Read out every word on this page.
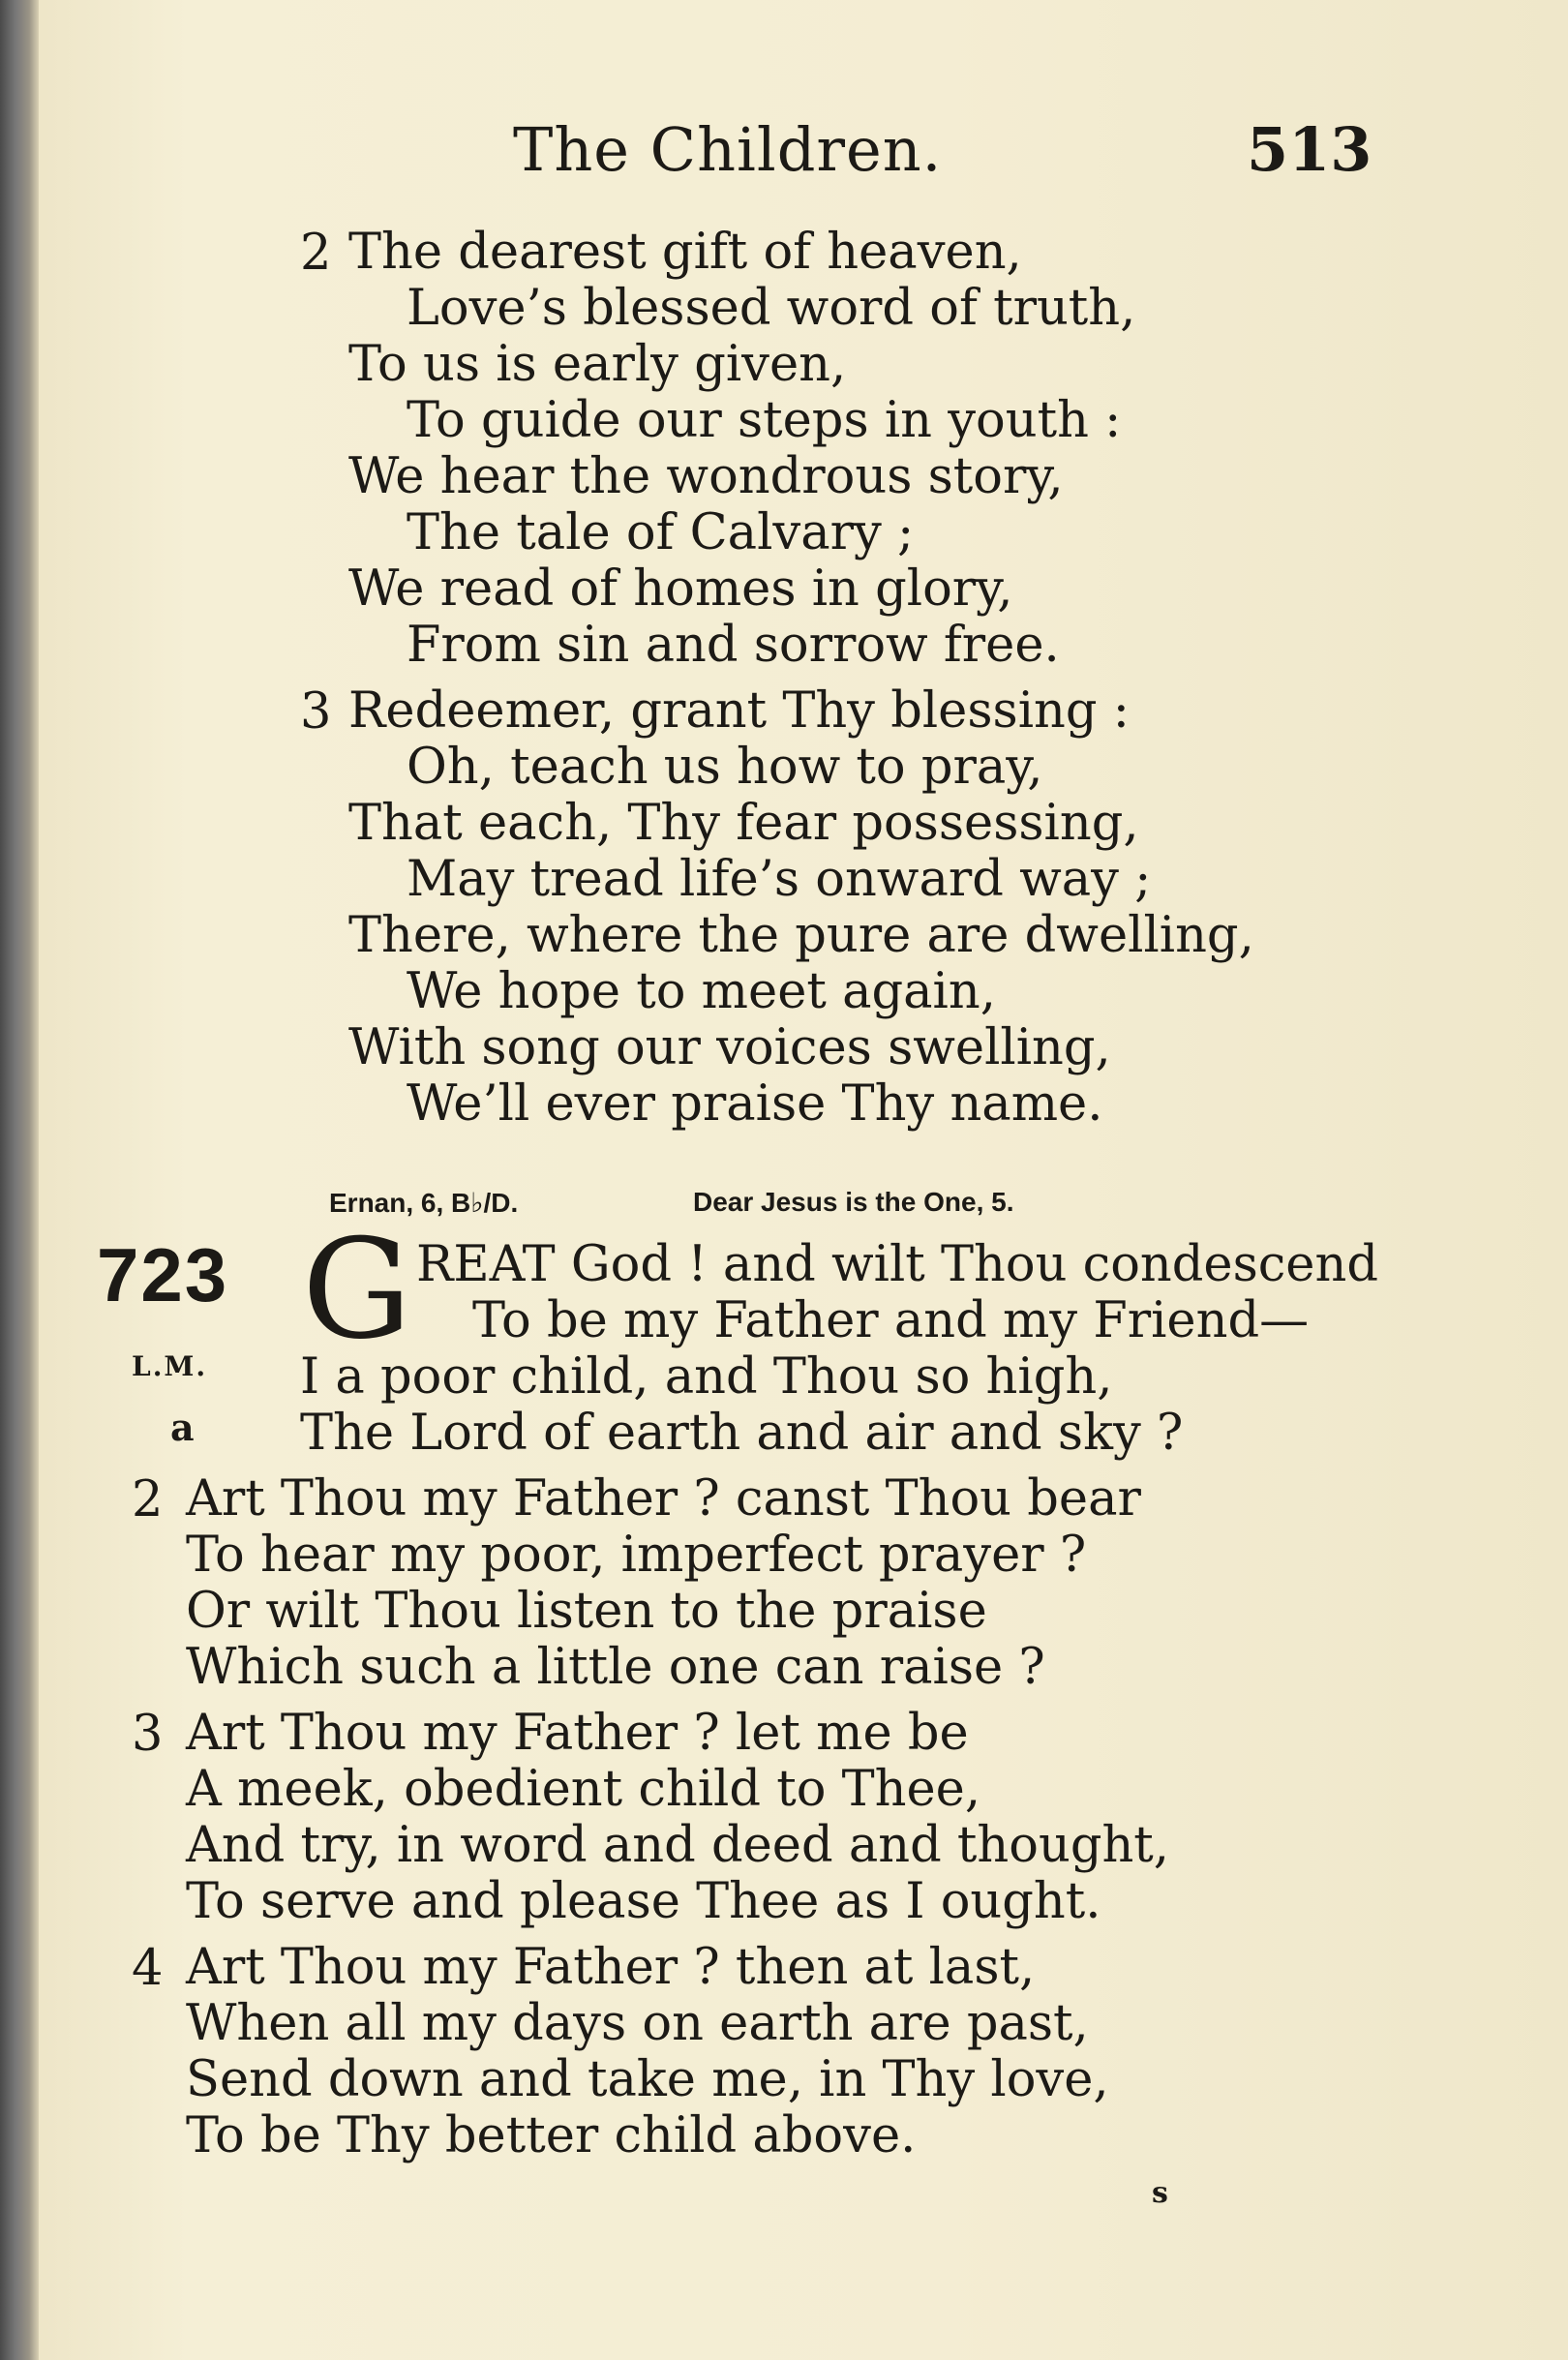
The Children.	513
2 The dearest gift of heaven,
Love’s blessed word of truth,
To us is early given,
To guide our steps in youth :
We hear the wondrous story,
The tale of Calvary ;
We read of homes in glory,
From sin and sorrow free.
3 Redeemer, grant Thy blessing :
Oh, teach us how to pray,
That each, Thy fear possessing,
May tread life’s onward way ;
There, where the pure are dwelling,
We hope to meet again,
With song our voices swelling,
We’ll ever praise Thy name.
Ernan, 6, B♭/D.	Dear Jesus is the One, 5.
723
L.M.
a
G REAT God ! and wilt Thou condescend
To be my Father and my Friend—
I a poor child, and Thou so high,
The Lord of earth and air and sky ?
2 Art Thou my Father ? canst Thou bear
To hear my poor, imperfect prayer ?
Or wilt Thou listen to the praise
Which such a little one can raise ?
3 Art Thou my Father ? let me be
A meek, obedient child to Thee,
And try, in word and deed and thought,
To serve and please Thee as I ought.
4 Art Thou my Father ? then at last,
When all my days on earth are past,
Send down and take me, in Thy love,
To be Thy better child above.
s
